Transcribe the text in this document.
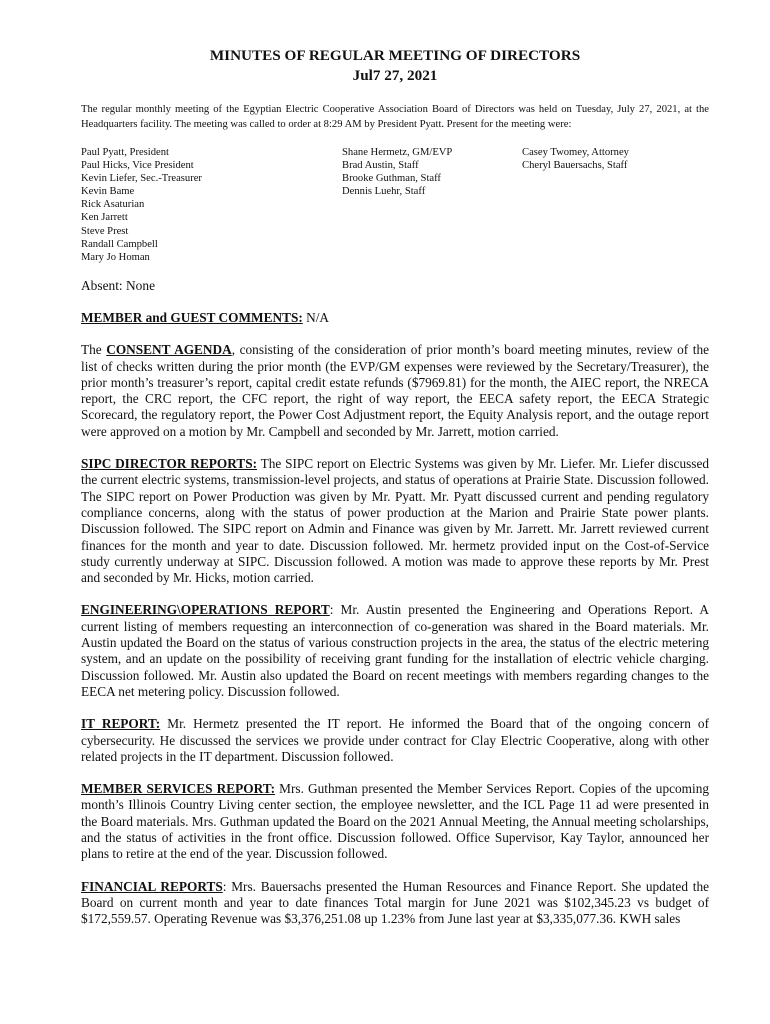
MINUTES OF REGULAR MEETING OF DIRECTORS
Jul7 27, 2021
The regular monthly meeting of the Egyptian Electric Cooperative Association Board of Directors was held on Tuesday, July 27, 2021, at the Headquarters facility. The meeting was called to order at 8:29 AM by President Pyatt. Present for the meeting were:
Paul Pyatt, President
Paul Hicks, Vice President
Kevin Liefer, Sec.-Treasurer
Kevin Bame
Rick Asaturian
Ken Jarrett
Steve Prest
Randall Campbell
Mary Jo Homan
Shane Hermetz, GM/EVP
Brad Austin, Staff
Brooke Guthman, Staff
Dennis Luehr, Staff
Casey Twomey, Attorney
Cheryl Bauersachs, Staff
Absent: None
MEMBER and GUEST COMMENTS: N/A
The CONSENT AGENDA, consisting of the consideration of prior month’s board meeting minutes, review of the list of checks written during the prior month (the EVP/GM expenses were reviewed by the Secretary/Treasurer), the prior month’s treasurer’s report, capital credit estate refunds ($7969.81) for the month, the AIEC report, the NRECA report, the CRC report, the CFC report, the right of way report, the EECA safety report, the EECA Strategic Scorecard, the regulatory report, the Power Cost Adjustment report, the Equity Analysis report, and the outage report were approved on a motion by Mr. Campbell and seconded by Mr. Jarrett, motion carried.
SIPC DIRECTOR REPORTS: The SIPC report on Electric Systems was given by Mr. Liefer. Mr. Liefer discussed the current electric systems, transmission-level projects, and status of operations at Prairie State. Discussion followed. The SIPC report on Power Production was given by Mr. Pyatt. Mr. Pyatt discussed current and pending regulatory compliance concerns, along with the status of power production at the Marion and Prairie State power plants. Discussion followed. The SIPC report on Admin and Finance was given by Mr. Jarrett. Mr. Jarrett reviewed current finances for the month and year to date. Discussion followed. Mr. hermetz provided input on the Cost-of-Service study currently underway at SIPC. Discussion followed. A motion was made to approve these reports by Mr. Prest and seconded by Mr. Hicks, motion carried.
ENGINEERING\OPERATIONS REPORT: Mr. Austin presented the Engineering and Operations Report. A current listing of members requesting an interconnection of co-generation was shared in the Board materials. Mr. Austin updated the Board on the status of various construction projects in the area, the status of the electric metering system, and an update on the possibility of receiving grant funding for the installation of electric vehicle charging. Discussion followed. Mr. Austin also updated the Board on recent meetings with members regarding changes to the EECA net metering policy. Discussion followed.
IT REPORT: Mr. Hermetz presented the IT report. He informed the Board that of the ongoing concern of cybersecurity. He discussed the services we provide under contract for Clay Electric Cooperative, along with other related projects in the IT department. Discussion followed.
MEMBER SERVICES REPORT: Mrs. Guthman presented the Member Services Report. Copies of the upcoming month’s Illinois Country Living center section, the employee newsletter, and the ICL Page 11 ad were presented in the Board materials. Mrs. Guthman updated the Board on the 2021 Annual Meeting, the Annual meeting scholarships, and the status of activities in the front office. Discussion followed. Office Supervisor, Kay Taylor, announced her plans to retire at the end of the year. Discussion followed.
FINANCIAL REPORTS: Mrs. Bauersachs presented the Human Resources and Finance Report. She updated the Board on current month and year to date finances Total margin for June 2021 was $102,345.23 vs budget of $172,559.57. Operating Revenue was $3,376,251.08 up 1.23% from June last year at $3,335,077.36. KWH sales
